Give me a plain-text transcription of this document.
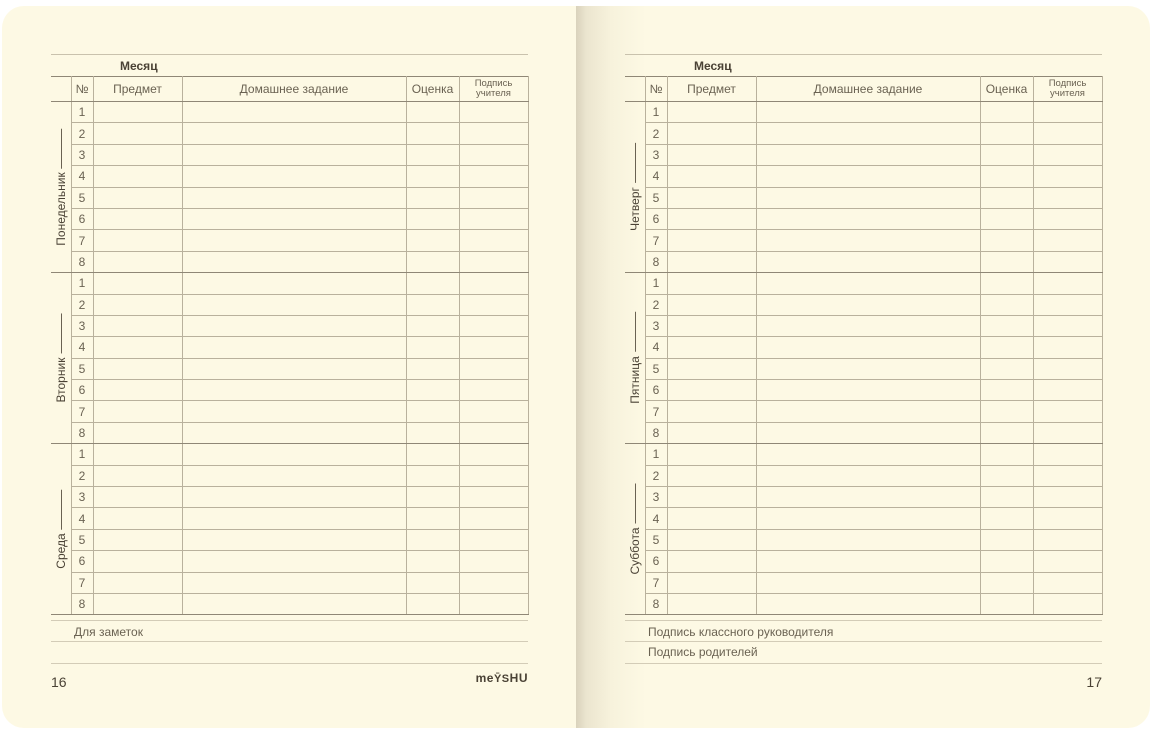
Месяц
	№	Предмет	Домашнее задание	Оценка	Подпись учителя

Понедельник	1				
	2				
	3				
	4				
	5				
	6				
	7				
	8				

Вторник	1				
	2				
	3				
	4				
	5				
	6				
	7				
	8				

Среда	1				
	2				
	3				
	4				
	5				
	6				
	7				
	8				
Для заметок
16	meȲSHU
Месяц
	№	Предмет	Домашнее задание	Оценка	Подпись учителя

Четверг	1				
	2				
	3				
	4				
	5				
	6				
	7				
	8				

Пятница	1				
	2				
	3				
	4				
	5				
	6				
	7				
	8				

Суббота	1				
	2				
	3				
	4				
	5				
	6				
	7				
	8				
Подпись классного руководителя
Подпись родителей
17
